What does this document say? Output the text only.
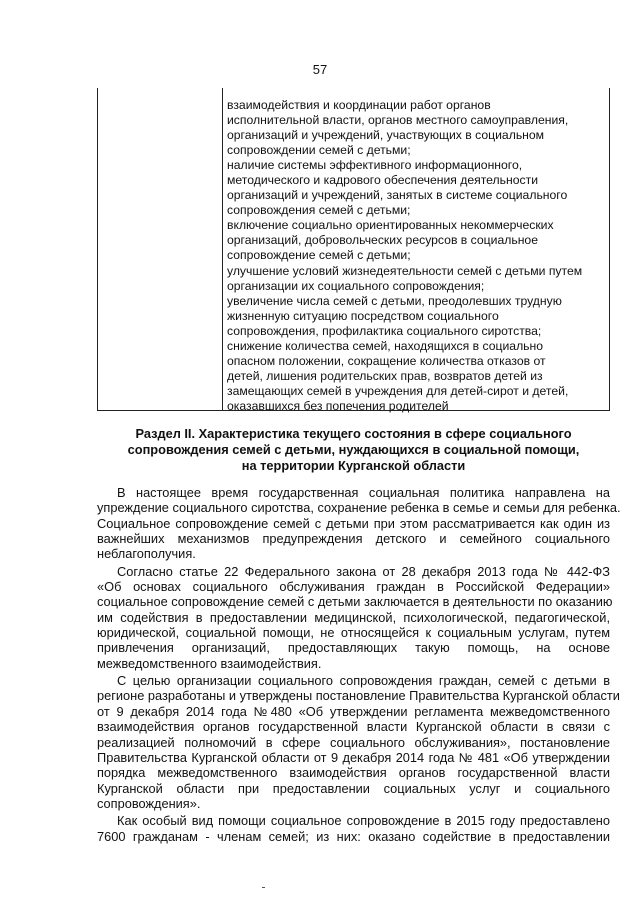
57
взаимодействия и координации работ органов
исполнительной власти, органов местного самоуправления,
организаций и учреждений, участвующих в социальном
сопровождении семей с детьми;
наличие системы эффективного информационного,
методического и кадрового обеспечения деятельности
организаций и учреждений, занятых в системе социального
сопровождения семей с детьми;
включение социально ориентированных некоммерческих
организаций, добровольческих ресурсов в социальное
сопровождение семей с детьми;
улучшение условий жизнедеятельности семей с детьми путем
организации их социального сопровождения;
увеличение числа семей с детьми, преодолевших трудную
жизненную ситуацию посредством социального
сопровождения, профилактика социального сиротства;
снижение количества семей, находящихся в социально
опасном положении, сокращение количества отказов от
детей, лишения родительских прав, возвратов детей из
замещающих семей в учреждения для детей-сирот и детей,
оказавшихся без попечения родителей
Раздел II. Характеристика текущего состояния в сфере социального
сопровождения семей с детьми, нуждающихся в социальной помощи,
на территории Курганской области
В настоящее время государственная социальная политика направлена на
упреждение социального сиротства, сохранение ребенка в семье и семьи для ребенка.
Социальное сопровождение семей с детьми при этом рассматривается как один из
важнейших механизмов предупреждения детского и семейного социального
неблагополучия.
Согласно статье 22 Федерального закона от 28 декабря 2013 года № 442-ФЗ
«Об основах социального обслуживания граждан в Российской Федерации»
социальное сопровождение семей с детьми заключается в деятельности по оказанию
им содействия в предоставлении медицинской, психологической, педагогической,
юридической, социальной помощи, не относящейся к социальным услугам, путем
привлечения организаций, предоставляющих такую помощь, на основе
межведомственного взаимодействия.
С целью организации социального сопровождения граждан, семей с детьми в
регионе разработаны и утверждены постановление Правительства Курганской области
от 9 декабря 2014 года №480 «Об утверждении регламента межведомственного
взаимодействия органов государственной власти Курганской области в связи с
реализацией полномочий в сфере социального обслуживания», постановление
Правительства Курганской области от 9 декабря 2014 года № 481 «Об утверждении
порядка межведомственного взаимодействия органов государственной власти
Курганской области при предоставлении социальных услуг и социального
сопровождения».
Как особый вид помощи социальное сопровождение в 2015 году предоставлено
7600 гражданам - членам семей; из них: оказано содействие в предоставлении
